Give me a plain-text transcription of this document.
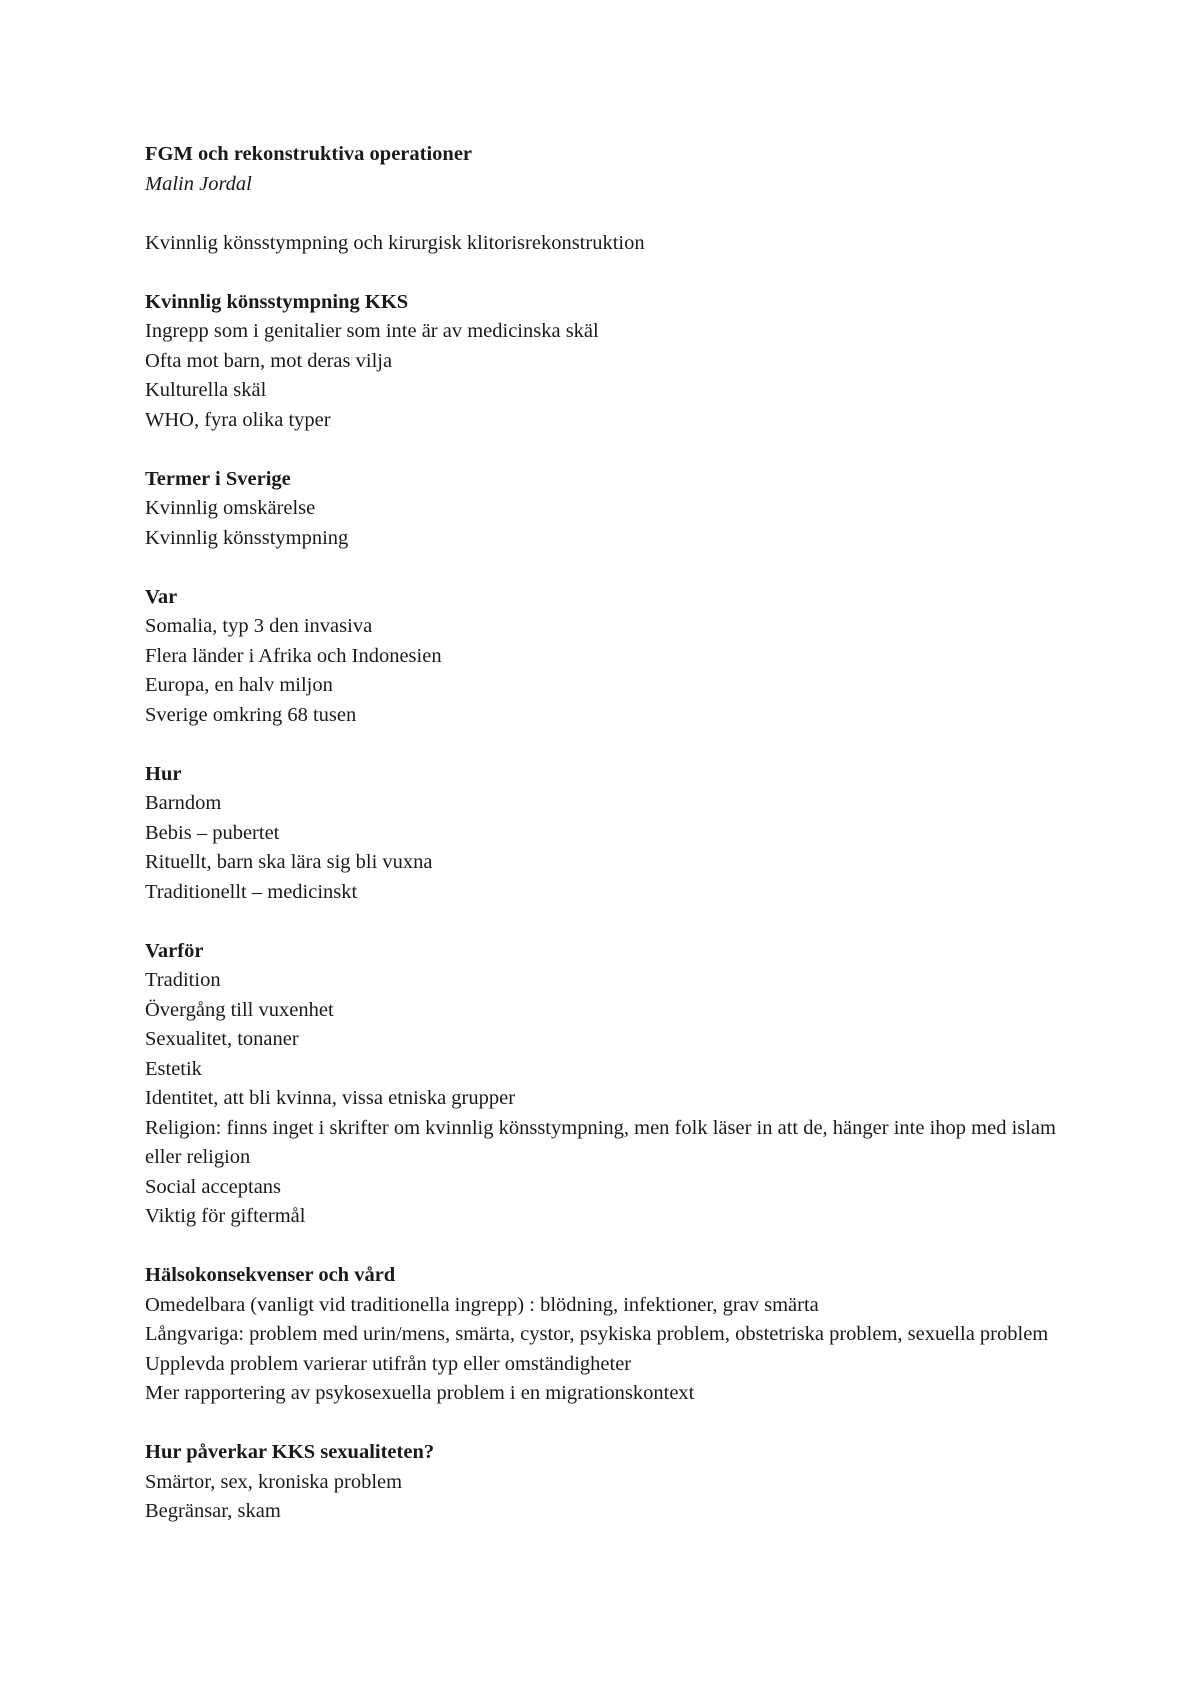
FGM och rekonstruktiva operationer

Malin Jordal

Kvinnlig könsstympning och kirurgisk klitorisrekonstruktion

Kvinnlig könsstympning KKS

Ingrepp som i genitalier som inte är av medicinska skäl

Ofta mot barn, mot deras vilja

Kulturella skäl

WHO, fyra olika typer

Termer i Sverige

Kvinnlig omskärelse

Kvinnlig könsstympning

Var

Somalia, typ 3 den invasiva

Flera länder i Afrika och Indonesien

Europa, en halv miljon

Sverige omkring 68 tusen

Hur

Barndom

Bebis – pubertet

Rituellt, barn ska lära sig bli vuxna

Traditionellt – medicinskt

Varför

Tradition

Övergång till vuxenhet

Sexualitet, tonaner

Estetik

Identitet, att bli kvinna, vissa etniska grupper

Religion: finns inget i skrifter om kvinnlig könsstympning, men folk läser in att de, hänger inte ihop med islam eller religion

Social acceptans

Viktig för giftermål

Hälsokonsekvenser och vård

Omedelbara (vanligt vid traditionella ingrepp) : blödning, infektioner, grav smärta

Långvariga: problem med urin/mens, smärta, cystor, psykiska problem, obstetriska problem, sexuella problem

Upplevda problem varierar utifrån typ eller omständigheter

Mer rapportering av psykosexuella problem i en migrationskontext

Hur påverkar KKS sexualiteten?

Smärtor, sex, kroniska problem

Begränsar, skam
